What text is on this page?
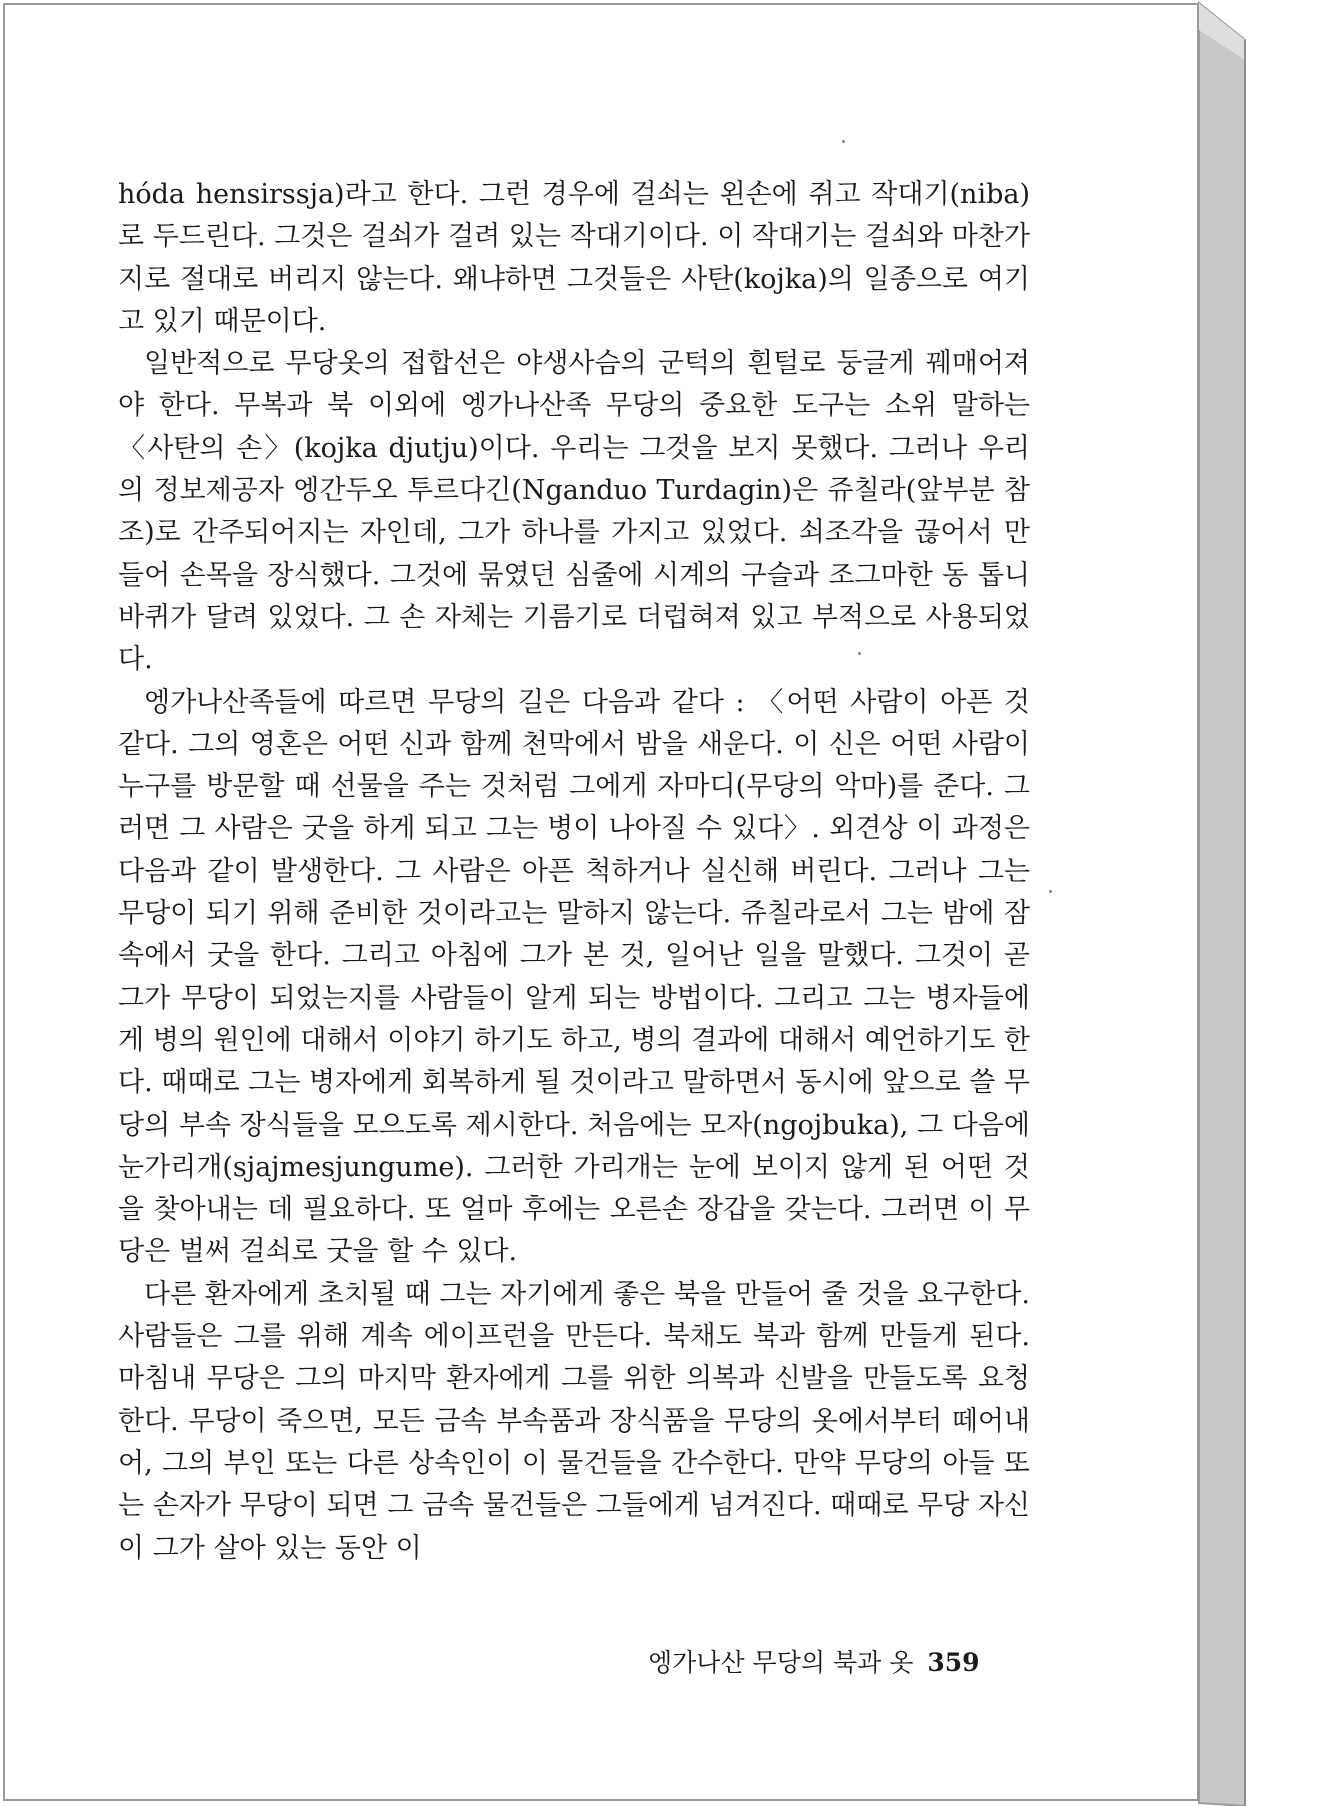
hóda hensirssja)라고 한다. 그런 경우에 걸쇠는 왼손에 쥐고 작대기(niba)로 두드린다. 그것은 걸쇠가 걸려 있는 작대기이다. 이 작대기는 걸쇠와 마찬가지로 절대로 버리지 않는다. 왜냐하면 그것들은 사탄(kojka)의 일종으로 여기고 있기 때문이다.

일반적으로 무당옷의 접합선은 야생사슴의 군턱의 흰털로 둥글게 꿰매어져야 한다. 무복과 북 이외에 엥가나산족 무당의 중요한 도구는 소위 말하는 〈사탄의 손〉(kojka djutju)이다. 우리는 그것을 보지 못했다. 그러나 우리의 정보제공자 엥간두오 투르다긴(Nganduo Turdagin)은 쥬칠라(앞부분 참조)로 간주되어지는 자인데, 그가 하나를 가지고 있었다. 쇠조각을 끊어서 만들어 손목을 장식했다. 그것에 묶였던 심줄에 시계의 구슬과 조그마한 동 톱니바퀴가 달려 있었다. 그 손 자체는 기름기로 더럽혀져 있고 부적으로 사용되었다.

엥가나산족들에 따르면 무당의 길은 다음과 같다 : 〈어떤 사람이 아픈 것 같다. 그의 영혼은 어떤 신과 함께 천막에서 밤을 새운다. 이 신은 어떤 사람이 누구를 방문할 때 선물을 주는 것처럼 그에게 자마디(무당의 악마)를 준다. 그러면 그 사람은 굿을 하게 되고 그는 병이 나아질 수 있다〉. 외견상 이 과정은 다음과 같이 발생한다. 그 사람은 아픈 척하거나 실신해 버린다. 그러나 그는 무당이 되기 위해 준비한 것이라고는 말하지 않는다. 쥬칠라로서 그는 밤에 잠 속에서 굿을 한다. 그리고 아침에 그가 본 것, 일어난 일을 말했다. 그것이 곧 그가 무당이 되었는지를 사람들이 알게 되는 방법이다. 그리고 그는 병자들에게 병의 원인에 대해서 이야기 하기도 하고, 병의 결과에 대해서 예언하기도 한다. 때때로 그는 병자에게 회복하게 될 것이라고 말하면서 동시에 앞으로 쓸 무당의 부속 장식들을 모으도록 제시한다. 처음에는 모자(ngojbuka), 그 다음에 눈가리개(sjajmesjungume). 그러한 가리개는 눈에 보이지 않게 된 어떤 것을 찾아내는 데 필요하다. 또 얼마 후에는 오른손 장갑을 갖는다. 그러면 이 무당은 벌써 걸쇠로 굿을 할 수 있다.

다른 환자에게 초치될 때 그는 자기에게 좋은 북을 만들어 줄 것을 요구한다. 사람들은 그를 위해 계속 에이프런을 만든다. 북채도 북과 함께 만들게 된다. 마침내 무당은 그의 마지막 환자에게 그를 위한 의복과 신발을 만들도록 요청한다. 무당이 죽으면, 모든 금속 부속품과 장식품을 무당의 옷에서부터 떼어내어, 그의 부인 또는 다른 상속인이 이 물건들을 간수한다. 만약 무당의 아들 또는 손자가 무당이 되면 그 금속 물건들은 그들에게 넘겨진다. 때때로 무당 자신이 그가 살아 있는 동안 이

엥가나산 무당의 북과 옷 359
